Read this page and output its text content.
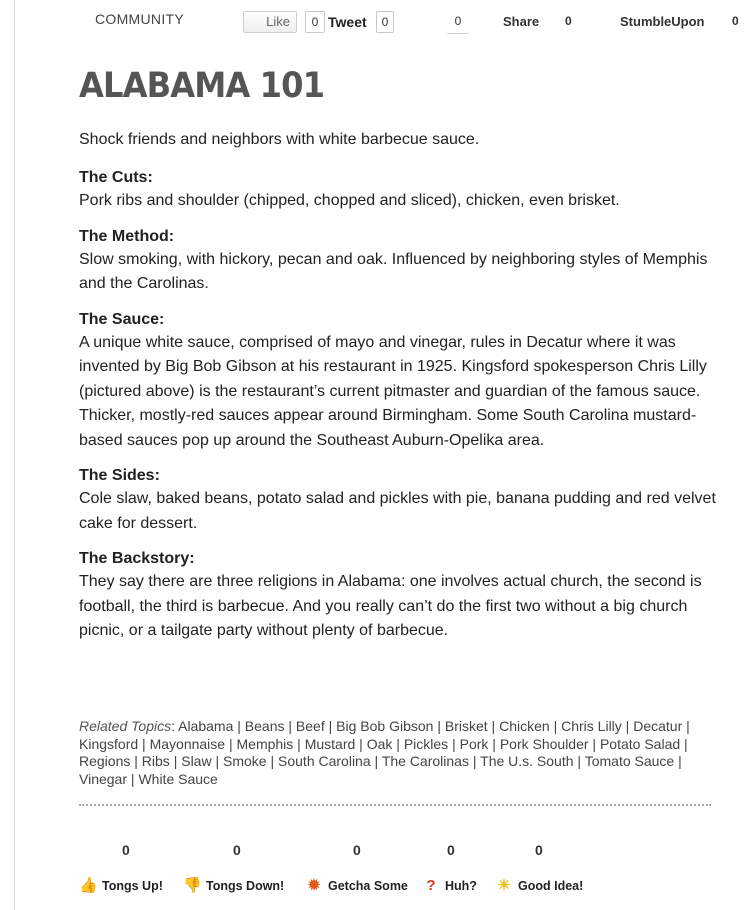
COMMUNITY	Like	0 Tweet	0	0	Share 0	StumbleUpon 0
ALABAMA 101

Shock friends and neighbors with white barbecue sauce.

The Cuts:

Pork ribs and shoulder (chipped, chopped and sliced), chicken, even brisket.

The Method:

Slow smoking, with hickory, pecan and oak. Influenced by neighboring styles of Memphis and the Carolinas.

The Sauce:

A unique white sauce, comprised of mayo and vinegar, rules in Decatur where it was invented by Big Bob Gibson at his restaurant in 1925. Kingsford spokesperson Chris Lilly (pictured above) is the restaurant’s current pitmaster and guardian of the famous sauce. Thicker, mostly-red sauces appear around Birmingham. Some South Carolina mustard-based sauces pop up around the Southeast Auburn-Opelika area.

The Sides:

Cole slaw, baked beans, potato salad and pickles with pie, banana pudding and red velvet cake for dessert.

The Backstory:

They say there are three religions in Alabama: one involves actual church, the second is football, the third is barbecue. And you really can’t do the first two without a big church picnic, or a tailgate party without plenty of barbecue.

Related Topics: Alabama | Beans | Beef | Big Bob Gibson | Brisket | Chicken | Chris Lilly | Decatur | Kingsford | Mayonnaise | Memphis | Mustard | Oak | Pickles | Pork | Pork Shoulder | Potato Salad | Regions | Ribs | Slaw | Smoke | South Carolina | The Carolinas | The U.s. South | Tomato Sauce | Vinegar | White Sauce
0
👍 Tongs Up!
0
👎 Tongs Down!
0
✹ Getcha Some
0
? Huh?
0
☀ Good Idea!
